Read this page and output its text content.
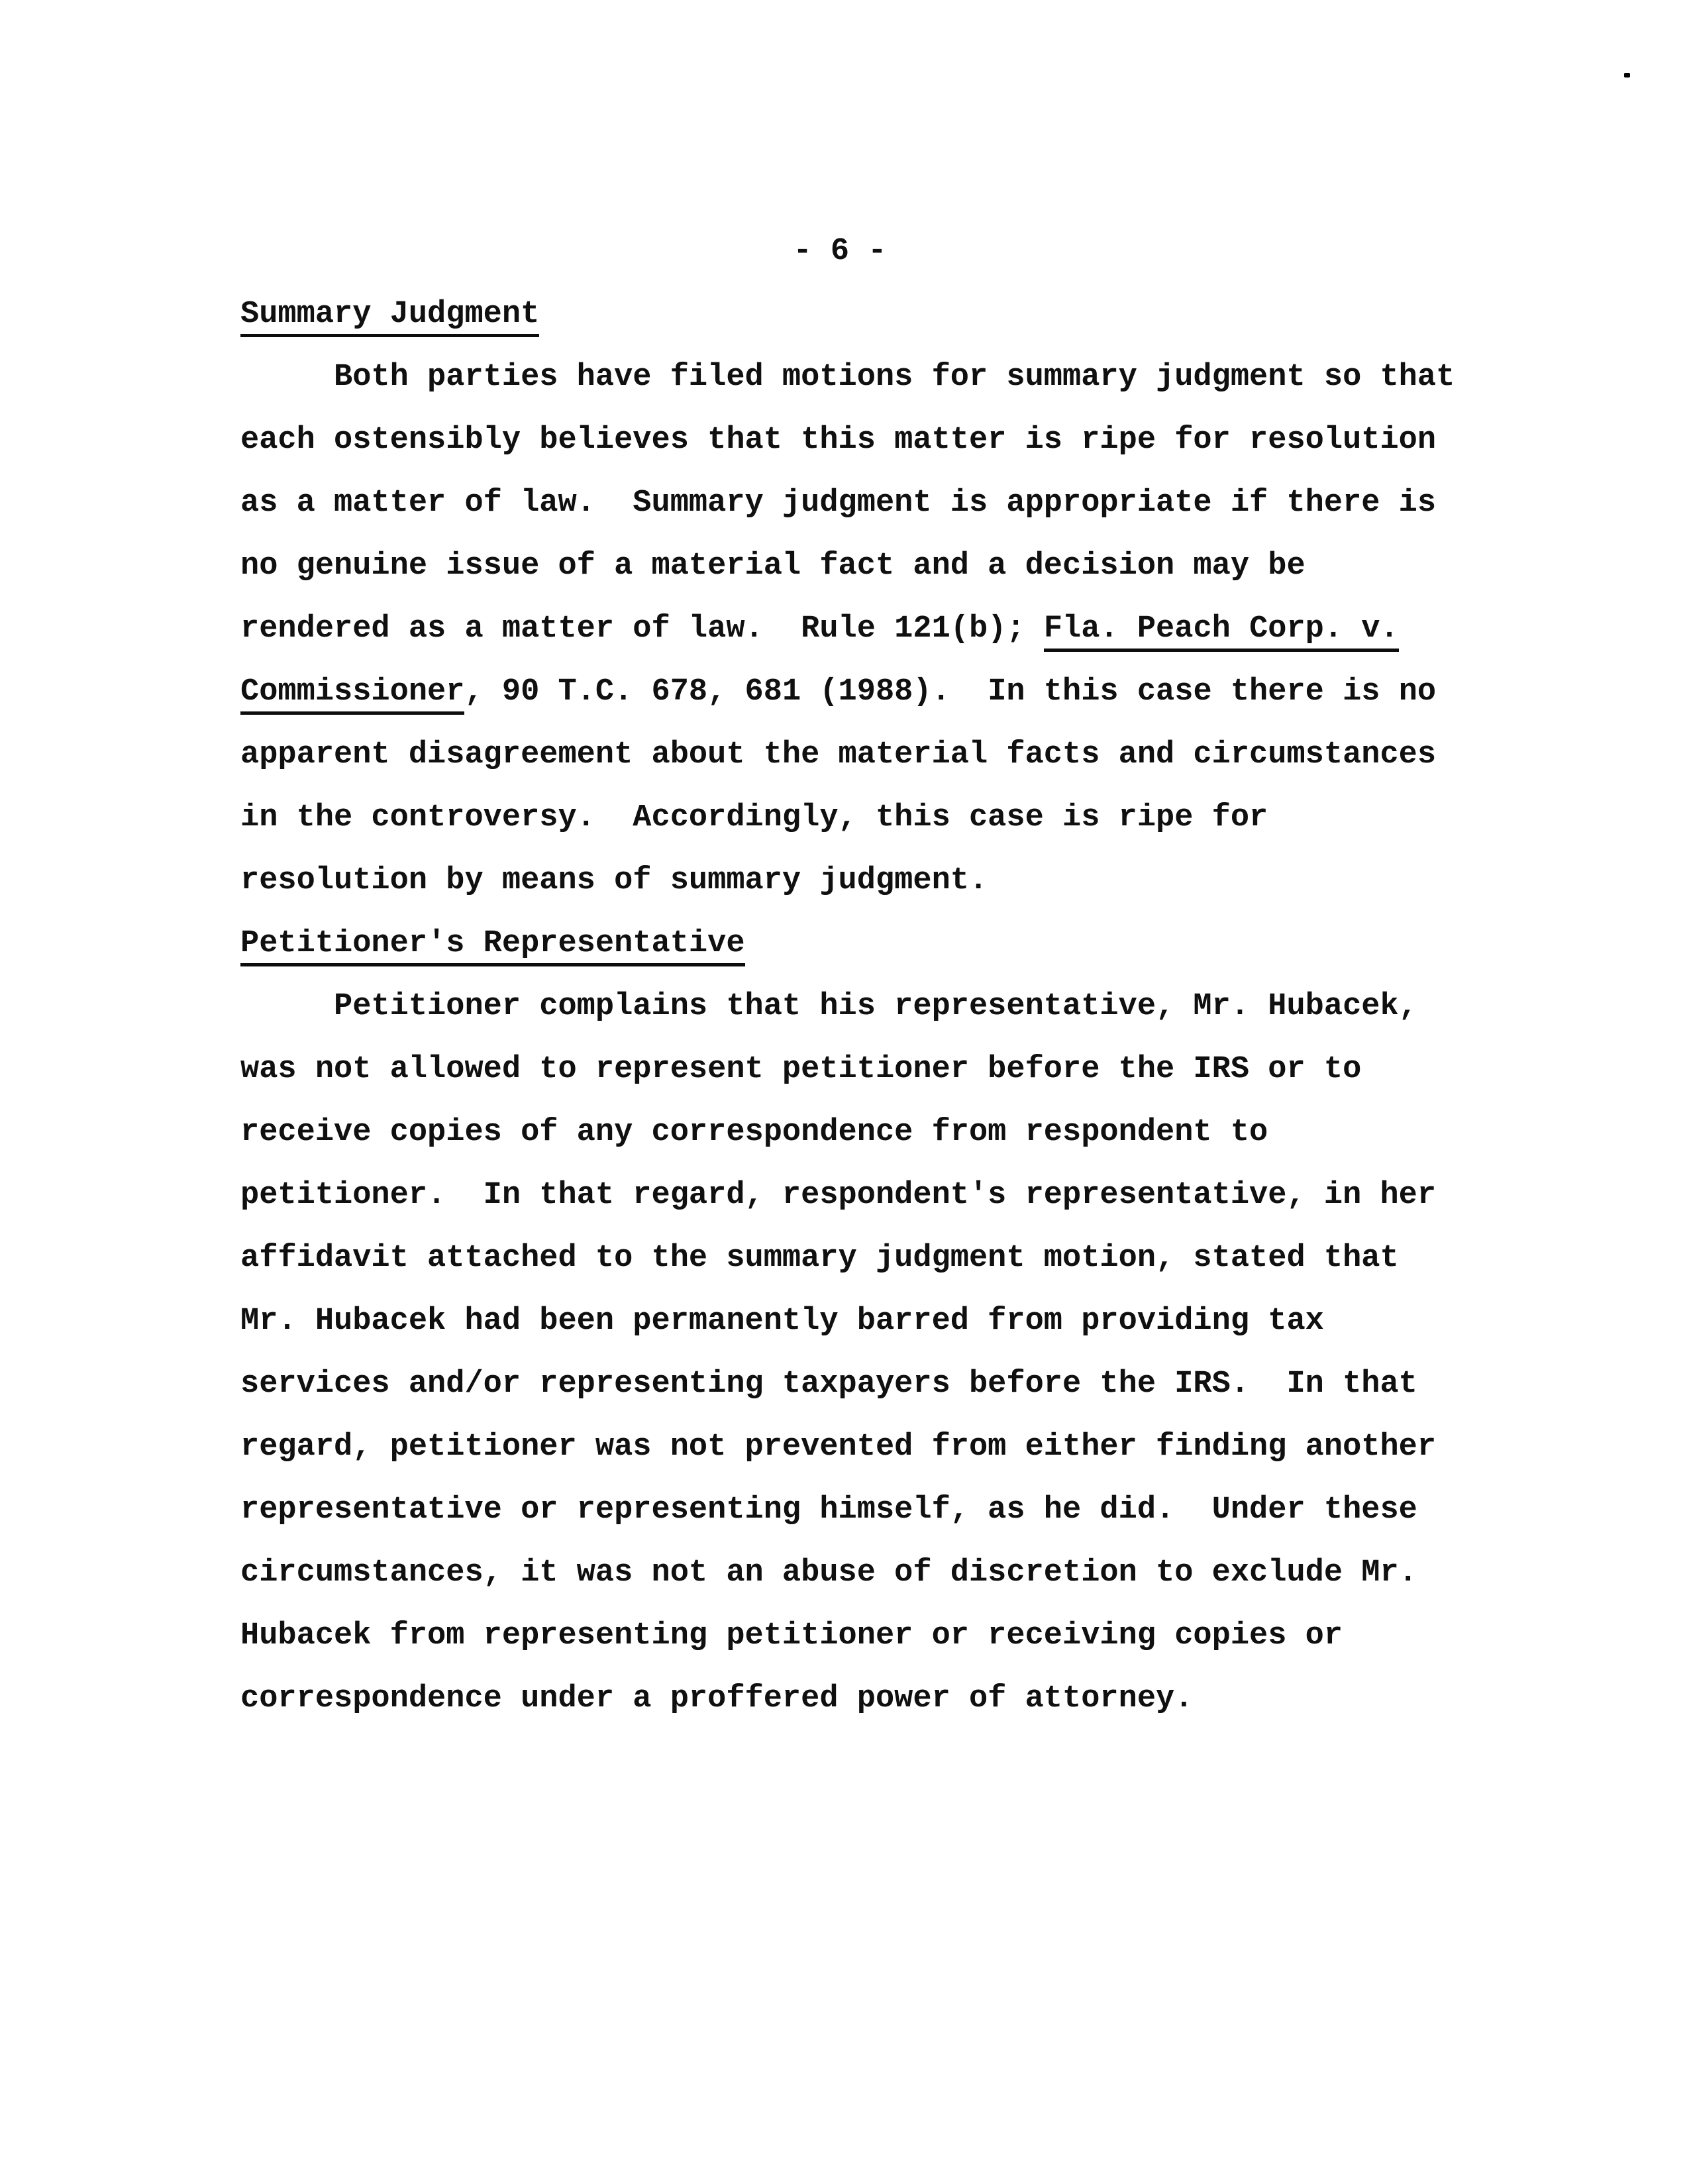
- 6 -
Summary Judgment
Both parties have filed motions for summary judgment so that
each ostensibly believes that this matter is ripe for resolution
as a matter of law.  Summary judgment is appropriate if there is
no genuine issue of a material fact and a decision may be
rendered as a matter of law.  Rule 121(b); Fla. Peach Corp. v.
Commissioner, 90 T.C. 678, 681 (1988).  In this case there is no
apparent disagreement about the material facts and circumstances
in the controversy.  Accordingly, this case is ripe for
resolution by means of summary judgment.
Petitioner's Representative
Petitioner complains that his representative, Mr. Hubacek,
was not allowed to represent petitioner before the IRS or to
receive copies of any correspondence from respondent to
petitioner.  In that regard, respondent's representative, in her
affidavit attached to the summary judgment motion, stated that
Mr. Hubacek had been permanently barred from providing tax
services and/or representing taxpayers before the IRS.  In that
regard, petitioner was not prevented from either finding another
representative or representing himself, as he did.  Under these
circumstances, it was not an abuse of discretion to exclude Mr.
Hubacek from representing petitioner or receiving copies or
correspondence under a proffered power of attorney.
